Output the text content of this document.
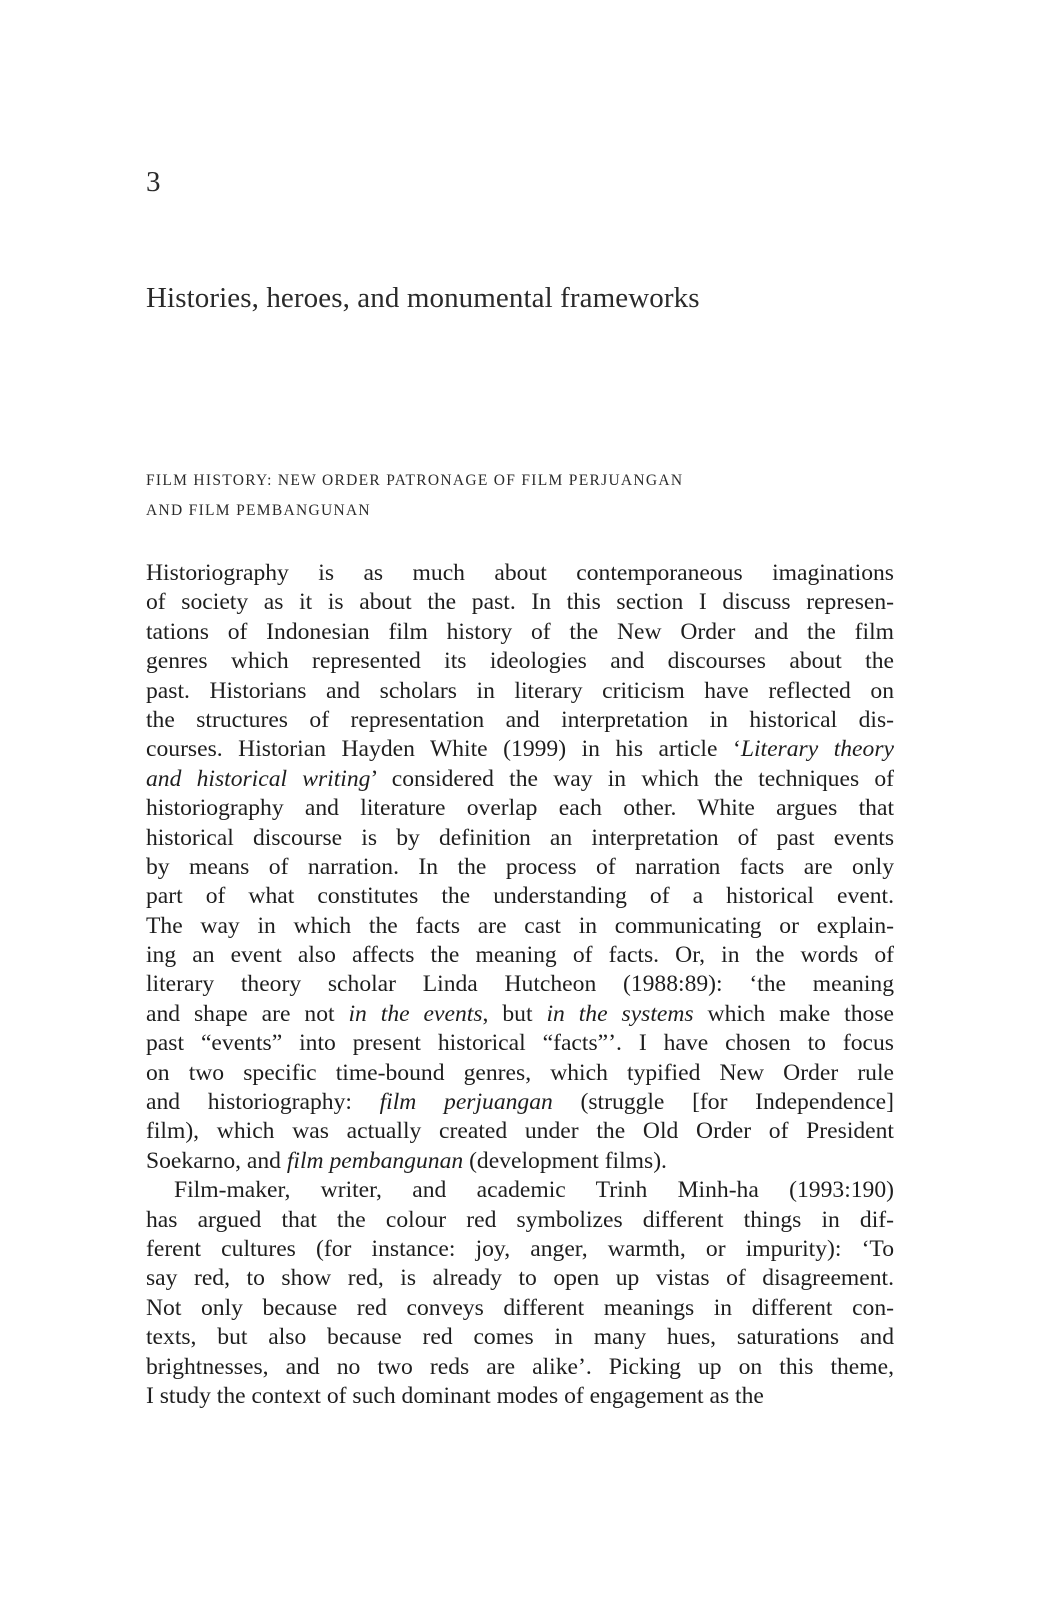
3
Histories, heroes, and monumental frameworks
FILM HISTORY: NEW ORDER PATRONAGE OF FILM PERJUANGAN
AND FILM PEMBANGUNAN
Historiography is as much about contemporaneous imaginations
of society as it is about the past. In this section I discuss represen-
tations of Indonesian film history of the New Order and the film
genres which represented its ideologies and discourses about the
past. Historians and scholars in literary criticism have reflected on
the structures of representation and interpretation in historical dis-
courses. Historian Hayden White (1999) in his article ‘Literary theory
and historical writing’ considered the way in which the techniques of
historiography and literature overlap each other. White argues that
historical discourse is by definition an interpretation of past events
by means of narration. In the process of narration facts are only
part of what constitutes the understanding of a historical event.
The way in which the facts are cast in communicating or explain-
ing an event also affects the meaning of facts. Or, in the words of
literary theory scholar Linda Hutcheon (1988:89): ‘the meaning
and shape are not in the events, but in the systems which make those
past “events” into present historical “facts”’. I have chosen to focus
on two specific time-bound genres, which typified New Order rule
and historiography: film perjuangan (struggle [for Independence]
film), which was actually created under the Old Order of President
Soekarno, and film pembangunan (development films).
Film-maker, writer, and academic Trinh Minh-ha (1993:190)
has argued that the colour red symbolizes different things in dif-
ferent cultures (for instance: joy, anger, warmth, or impurity): ‘To
say red, to show red, is already to open up vistas of disagreement.
Not only because red conveys different meanings in different con-
texts, but also because red comes in many hues, saturations and
brightnesses, and no two reds are alike’. Picking up on this theme,
I study the context of such dominant modes of engagement as the
